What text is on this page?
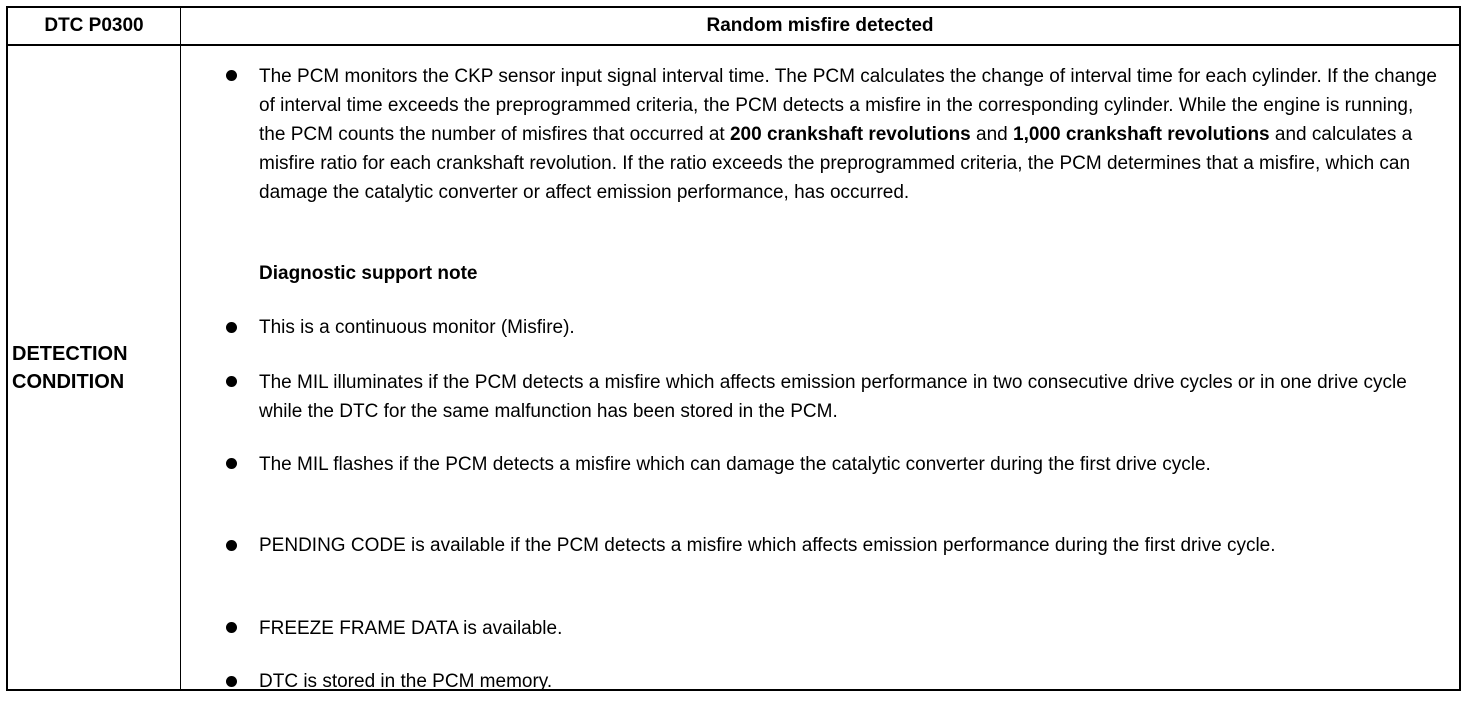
DTC P0300	Random misfire detected
DETECTION CONDITION
The PCM monitors the CKP sensor input signal interval time. The PCM calculates the change of interval time for each cylinder. If the change of interval time exceeds the preprogrammed criteria, the PCM detects a misfire in the corresponding cylinder. While the engine is running, the PCM counts the number of misfires that occurred at 200 crankshaft revolutions and 1,000 crankshaft revolutions and calculates a misfire ratio for each crankshaft revolution. If the ratio exceeds the preprogrammed criteria, the PCM determines that a misfire, which can damage the catalytic converter or affect emission performance, has occurred.
Diagnostic support note
This is a continuous monitor (Misfire).
The MIL illuminates if the PCM detects a misfire which affects emission performance in two consecutive drive cycles or in one drive cycle while the DTC for the same malfunction has been stored in the PCM.
The MIL flashes if the PCM detects a misfire which can damage the catalytic converter during the first drive cycle.
PENDING CODE is available if the PCM detects a misfire which affects emission performance during the first drive cycle.
FREEZE FRAME DATA is available.
DTC is stored in the PCM memory.
